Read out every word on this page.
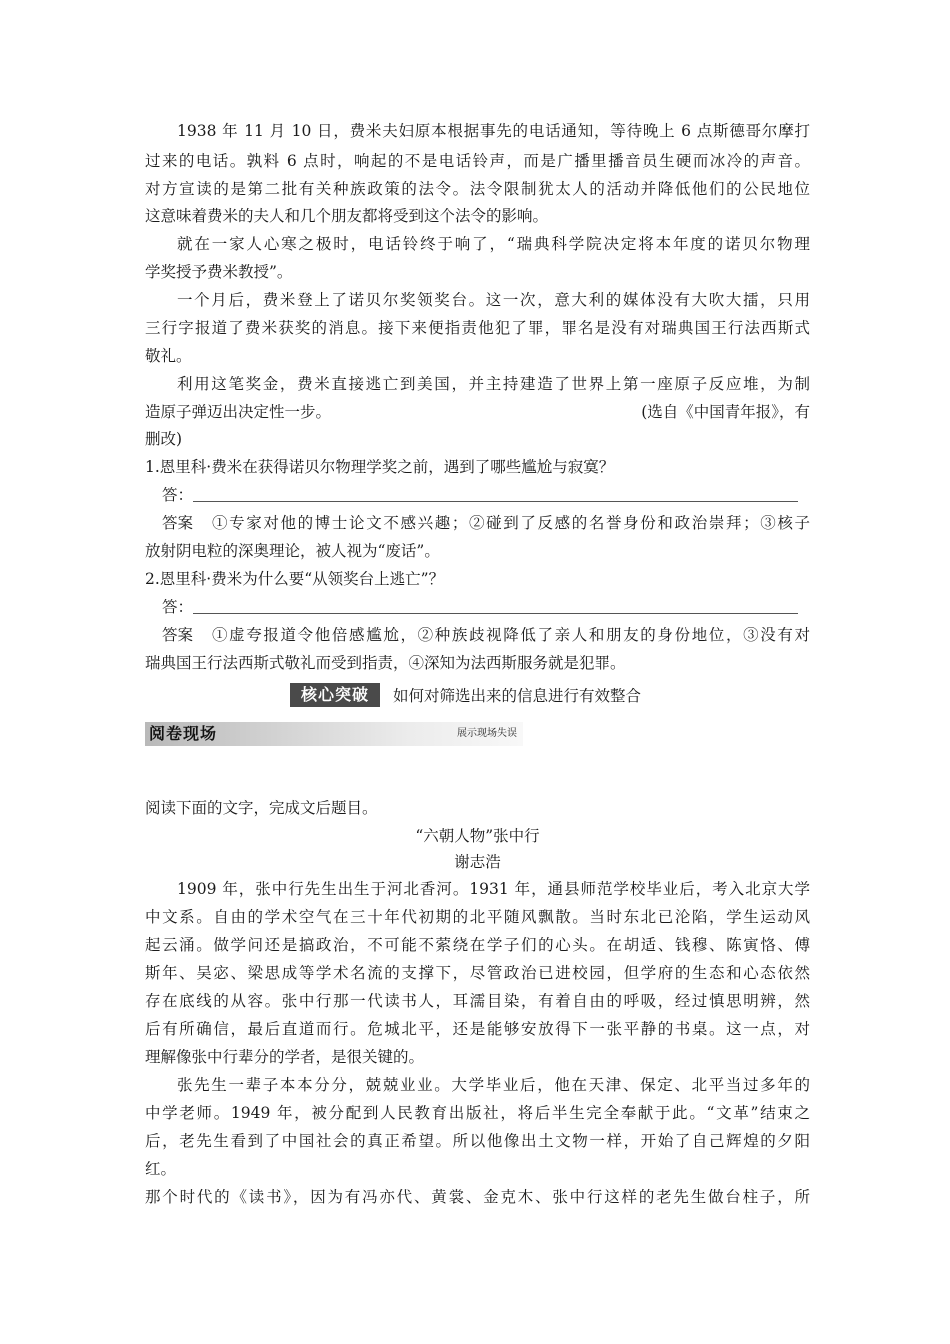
1938 年 11 月 10 日，费米夫妇原本根据事先的电话通知，等待晚上 6 点斯德哥尔摩打
过来的电话。孰料 6 点时，响起的不是电话铃声，而是广播里播音员生硬而冰冷的声音。
对方宣读的是第二批有关种族政策的法令。法令限制犹太人的活动并降低他们的公民地位
这意味着费米的夫人和几个朋友都将受到这个法令的影响。
就在一家人心寒之极时，电话铃终于响了，“瑞典科学院决定将本年度的诺贝尔物理
学奖授予费米教授”。
一个月后，费米登上了诺贝尔奖领奖台。这一次，意大利的媒体没有大吹大擂，只用
三行字报道了费米获奖的消息。接下来便指责他犯了罪，罪名是没有对瑞典国王行法西斯式
敬礼。
利用这笔奖金，费米直接逃亡到美国，并主持建造了世界上第一座原子反应堆，为制
造原子弹迈出决定性一步。	(选自《中国青年报》，有
删改)
1.恩里科·费米在获得诺贝尔物理学奖之前，遇到了哪些尴尬与寂寞？
答：
答案	①专家对他的博士论文不感兴趣；②碰到了反感的名誉身份和政治崇拜；③核子
放射阴电粒的深奥理论，被人视为“废话”。
2.恩里科·费米为什么要“从领奖台上逃亡”？
答：
答案	①虚夸报道令他倍感尴尬，②种族歧视降低了亲人和朋友的身份地位，③没有对
瑞典国王行法西斯式敬礼而受到指责，④深知为法西斯服务就是犯罪。
核心突破	如何对筛选出来的信息进行有效整合
阅卷现场	展示现场失误
阅读下面的文字，完成文后题目。
“六朝人物”张中行
谢志浩
1909 年，张中行先生出生于河北香河。1931 年，通县师范学校毕业后，考入北京大学
中文系。自由的学术空气在三十年代初期的北平随风飘散。当时东北已沦陷，学生运动风
起云涌。做学问还是搞政治，不可能不萦绕在学子们的心头。在胡适、钱穆、陈寅恪、傅
斯年、吴宓、梁思成等学术名流的支撑下，尽管政治已进校园，但学府的生态和心态依然
存在底线的从容。张中行那一代读书人，耳濡目染，有着自由的呼吸，经过慎思明辨，然
后有所确信，最后直道而行。危城北平，还是能够安放得下一张平静的书桌。这一点，对
理解像张中行辈分的学者，是很关键的。
张先生一辈子本本分分，兢兢业业。大学毕业后，他在天津、保定、北平当过多年的
中学老师。1949 年，被分配到人民教育出版社，将后半生完全奉献于此。“文革”结束之
后，老先生看到了中国社会的真正希望。所以他像出土文物一样，开始了自己辉煌的夕阳
红。
那个时代的《读书》，因为有冯亦代、黄裳、金克木、张中行这样的老先生做台柱子，所
